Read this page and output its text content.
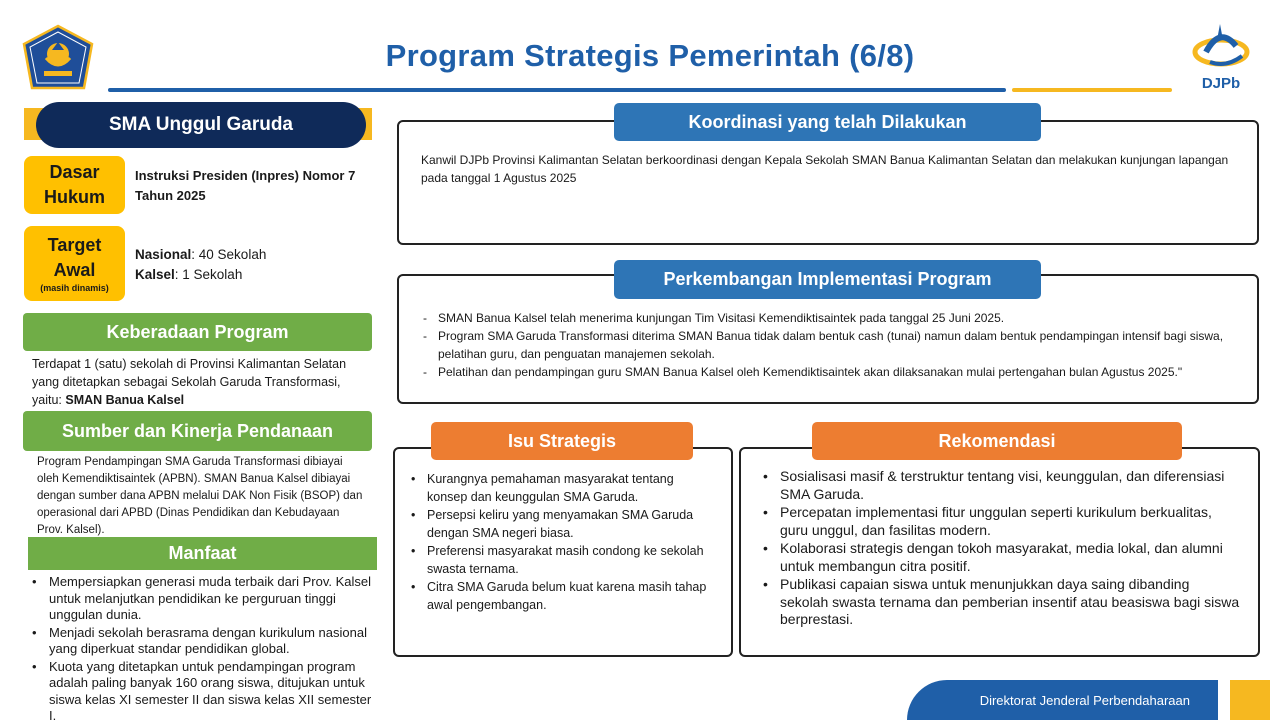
Program Strategis Pemerintah (6/8)
DJPb
SMA Unggul Garuda
Dasar
Hukum
Instruksi Presiden (Inpres) Nomor 7 Tahun 2025
Target
Awal
(masih dinamis)
Nasional: 40 Sekolah
Kalsel: 1 Sekolah
Keberadaan Program
Terdapat 1 (satu) sekolah di Provinsi Kalimantan Selatan yang ditetapkan sebagai Sekolah Garuda Transformasi, yaitu: SMAN Banua Kalsel
Sumber dan Kinerja Pendanaan
Program Pendampingan SMA Garuda Transformasi dibiayai oleh Kemendiktisaintek (APBN). SMAN Banua Kalsel dibiayai dengan sumber dana APBN melalui DAK Non Fisik (BSOP) dan operasional dari APBD (Dinas Pendidikan dan Kebudayaan Prov. Kalsel).
Manfaat
• Mempersiapkan generasi muda terbaik dari Prov. Kalsel untuk melanjutkan pendidikan ke perguruan tinggi unggulan dunia.
• Menjadi sekolah berasrama dengan kurikulum nasional yang diperkuat standar pendidikan global.
• Kuota yang ditetapkan untuk pendampingan program adalah paling banyak 160 orang siswa, ditujukan untuk siswa kelas XI semester II dan siswa kelas XII semester I.
Koordinasi yang telah Dilakukan
Kanwil DJPb Provinsi Kalimantan Selatan berkoordinasi dengan Kepala Sekolah SMAN Banua Kalimantan Selatan dan melakukan kunjungan lapangan pada tanggal 1 Agustus 2025
Perkembangan Implementasi Program
- SMAN Banua Kalsel telah menerima kunjungan Tim Visitasi Kemendiktisaintek pada tanggal 25 Juni 2025.
- Program SMA Garuda Transformasi diterima SMAN Banua tidak dalam bentuk cash (tunai) namun dalam bentuk pendampingan intensif bagi siswa, pelatihan guru, dan penguatan manajemen sekolah.
- Pelatihan dan pendampingan guru SMAN Banua Kalsel oleh Kemendiktisaintek akan dilaksanakan mulai pertengahan bulan Agustus 2025."
Isu Strategis
• Kurangnya pemahaman masyarakat tentang konsep dan keunggulan SMA Garuda.
• Persepsi keliru yang menyamakan SMA Garuda dengan SMA negeri biasa.
• Preferensi masyarakat masih condong ke sekolah swasta ternama.
• Citra SMA Garuda belum kuat karena masih tahap awal pengembangan.
Rekomendasi
• Sosialisasi masif & terstruktur tentang visi, keunggulan, dan diferensiasi SMA Garuda.
• Percepatan implementasi fitur unggulan seperti kurikulum berkualitas, guru unggul, dan fasilitas modern.
• Kolaborasi strategis dengan tokoh masyarakat, media lokal, dan alumni untuk membangun citra positif.
• Publikasi capaian siswa untuk menunjukkan daya saing dibanding sekolah swasta ternama dan pemberian insentif atau beasiswa bagi siswa berprestasi.
Direktorat Jenderal Perbendaharaan
